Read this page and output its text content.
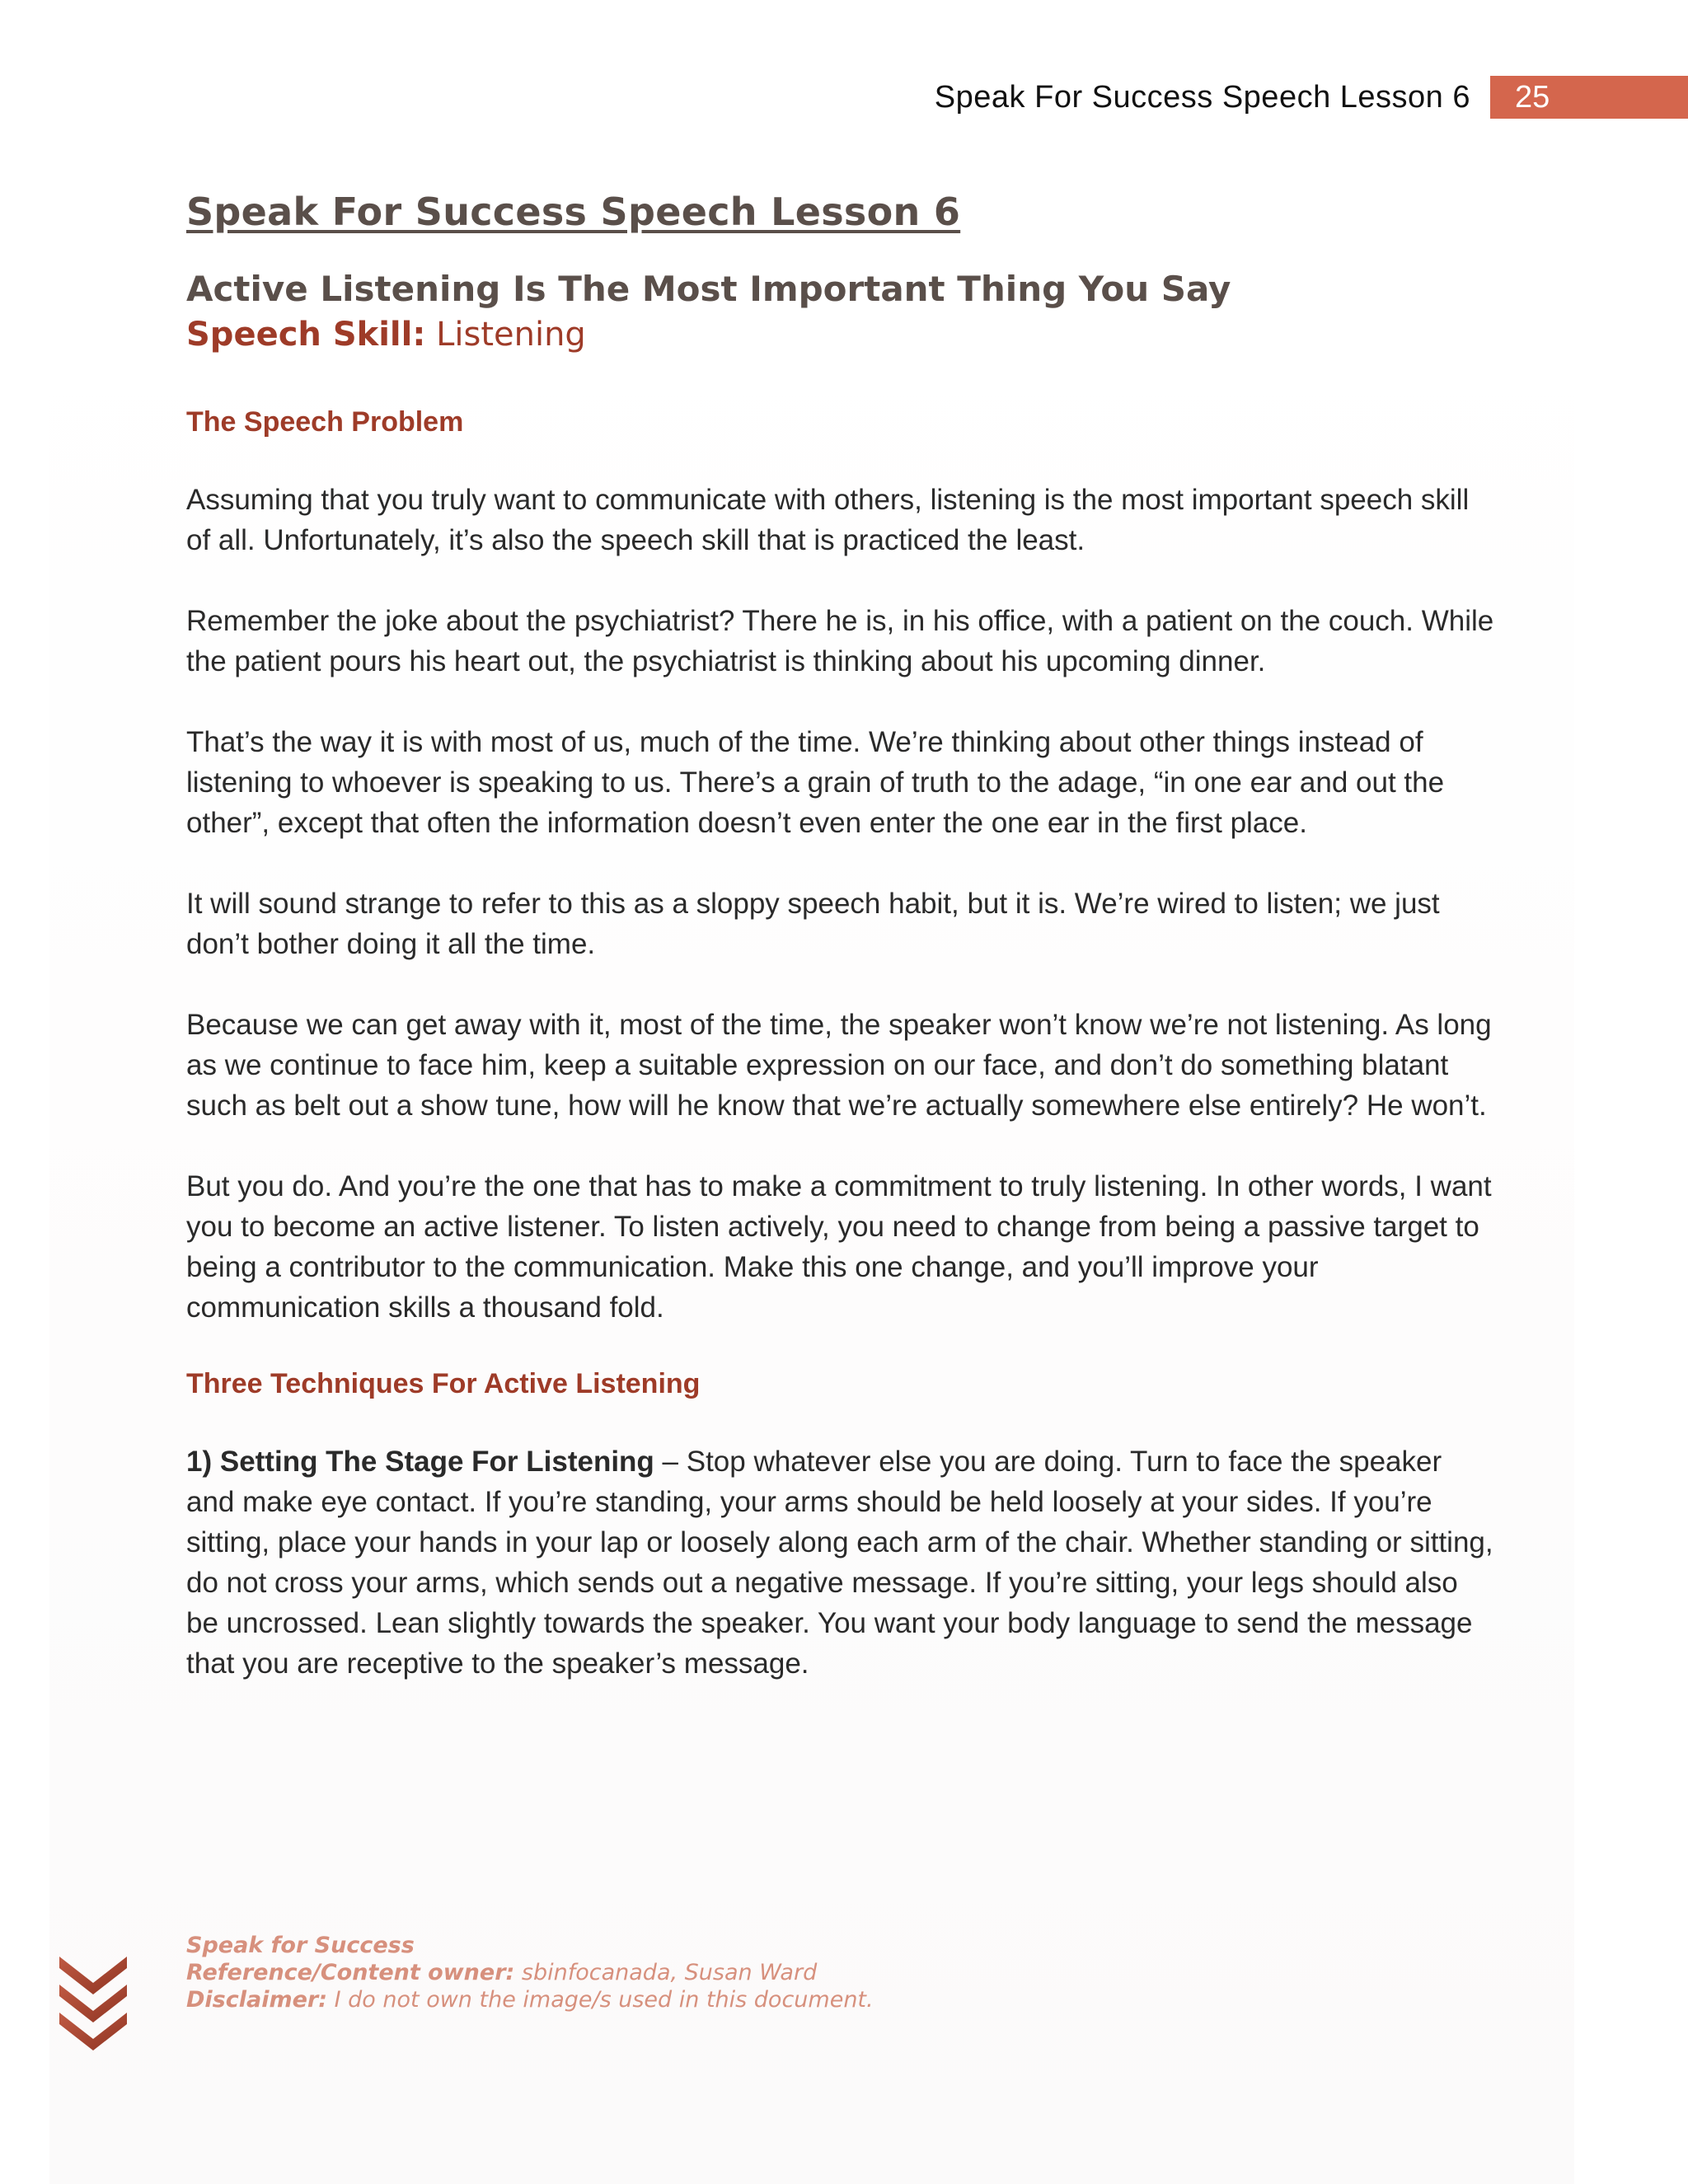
Speak For Success Speech Lesson 6	25
Speak For Success Speech Lesson 6
Active Listening Is The Most Important Thing You Say
Speech Skill: Listening
The Speech Problem

Assuming that you truly want to communicate with others, listening is the most important speech skill of all. Unfortunately, it’s also the speech skill that is practiced the least.

Remember the joke about the psychiatrist? There he is, in his office, with a patient on the couch. While the patient pours his heart out, the psychiatrist is thinking about his upcoming dinner.

That’s the way it is with most of us, much of the time. We’re thinking about other things instead of listening to whoever is speaking to us. There’s a grain of truth to the adage, “in one ear and out the other”, except that often the information doesn’t even enter the one ear in the first place.

It will sound strange to refer to this as a sloppy speech habit, but it is. We’re wired to listen; we just don’t bother doing it all the time.

Because we can get away with it, most of the time, the speaker won’t know we’re not listening. As long as we continue to face him, keep a suitable expression on our face, and don’t do something blatant such as belt out a show tune, how will he know that we’re actually somewhere else entirely? He won’t.

But you do. And you’re the one that has to make a commitment to truly listening. In other words, I want you to become an active listener. To listen actively, you need to change from being a passive target to being a contributor to the communication. Make this one change, and you’ll improve your communication skills a thousand fold.

Three Techniques For Active Listening

1) Setting The Stage For Listening – Stop whatever else you are doing. Turn to face the speaker and make eye contact. If you’re standing, your arms should be held loosely at your sides. If you’re sitting, place your hands in your lap or loosely along each arm of the chair. Whether standing or sitting, do not cross your arms, which sends out a negative message. If you’re sitting, your legs should also be uncrossed. Lean slightly towards the speaker. You want your body language to send the message that you are receptive to the speaker’s message.

Speak for Success
Reference/Content owner: sbinfocanada, Susan Ward
Disclaimer: I do not own the image/s used in this document.
